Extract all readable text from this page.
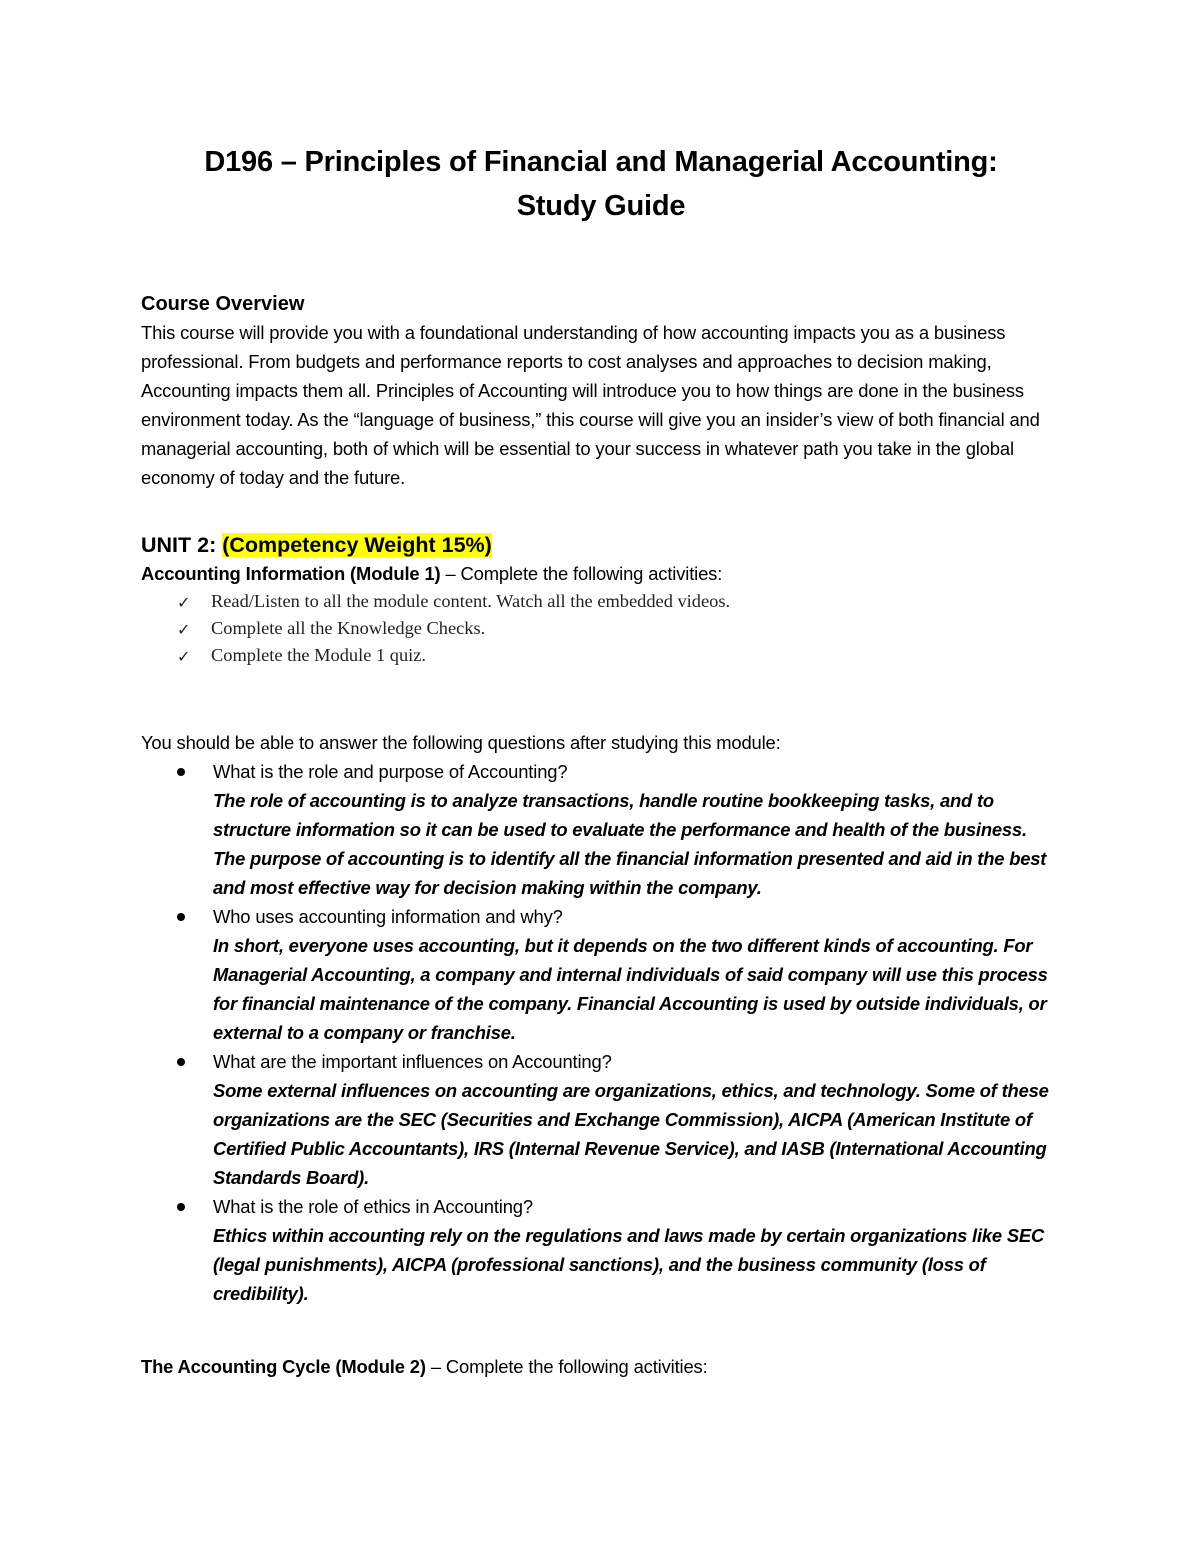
D196 – Principles of Financial and Managerial Accounting:
Study Guide
Course Overview

This course will provide you with a foundational understanding of how accounting impacts you as a business professional. From budgets and performance reports to cost analyses and approaches to decision making, Accounting impacts them all. Principles of Accounting will introduce you to how things are done in the business environment today. As the “language of business,” this course will give you an insider’s view of both financial and managerial accounting, both of which will be essential to your success in whatever path you take in the global economy of today and the future.

UNIT 2: (Competency Weight 15%)

Accounting Information (Module 1) – Complete the following activities:

✓ Read/Listen to all the module content. Watch all the embedded videos.
✓ Complete all the Knowledge Checks.
✓ Complete the Module 1 quiz.

You should be able to answer the following questions after studying this module:

What is the role and purpose of Accounting?
The role of accounting is to analyze transactions, handle routine bookkeeping tasks, and to structure information so it can be used to evaluate the performance and health of the business. The purpose of accounting is to identify all the financial information presented and aid in the best and most effective way for decision making within the company.
Who uses accounting information and why?
In short, everyone uses accounting, but it depends on the two different kinds of accounting. For Managerial Accounting, a company and internal individuals of said company will use this process for financial maintenance of the company. Financial Accounting is used by outside individuals, or external to a company or franchise.
What are the important influences on Accounting?
Some external influences on accounting are organizations, ethics, and technology. Some of these organizations are the SEC (Securities and Exchange Commission), AICPA (American Institute of Certified Public Accountants), IRS (Internal Revenue Service), and IASB (International Accounting Standards Board).
What is the role of ethics in Accounting?
Ethics within accounting rely on the regulations and laws made by certain organizations like SEC (legal punishments), AICPA (professional sanctions), and the business community (loss of credibility).

The Accounting Cycle (Module 2) – Complete the following activities:
